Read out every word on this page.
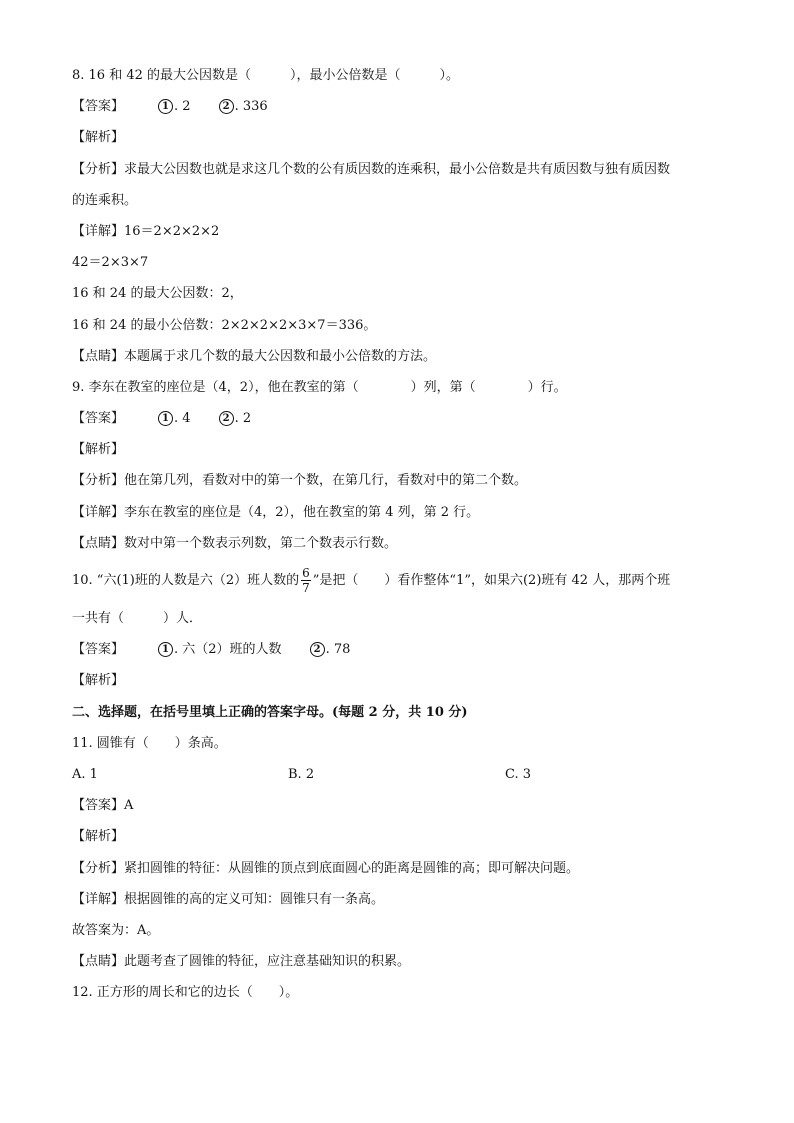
8. 16 和 42 的最大公因数是（　　　），最小公倍数是（　　　）。
【答案】	1 . 2	2 . 336
【解析】
【分析】求最大公因数也就是求这几个数的公有质因数的连乘积，最小公倍数是共有质因数与独有质因数
的连乘积。
【详解】16＝2×2×2×2
42＝2×3×7
16 和 24 的最大公因数：2，
16 和 24 的最小公倍数：2×2×2×2×3×7＝336。
【点睛】本题属于求几个数的最大公因数和最小公倍数的方法。
9. 李东在教室的座位是（4，2），他在教室的第（　　　　）列，第（　　　　）行。
【答案】	1 . 4	2 . 2
【解析】
【分析】他在第几列，看数对中的第一个数，在第几行，看数对中的第二个数。
【详解】李东在教室的座位是（4，2），他在教室的第 4 列，第 2 行。
【点睛】数对中第一个数表示列数，第二个数表示行数。
10. “六(1)班的人数是六（2）班人数的 $\frac{6}{7}$ ”是把（　　）看作整体“1”，如果六(2)班有 42 人，那两个班
一共有（　　　）人．
【答案】	1 . 六（2）班的人数	2 . 78
【解析】
二、选择题，在括号里填上正确的答案字母。(每题 2 分，共 10 分)
11. 圆锥有（　　）条高。
A. 1	B. 2	C. 3
【答案】A
【解析】
【分析】紧扣圆锥的特征：从圆锥的顶点到底面圆心的距离是圆锥的高；即可解决问题。
【详解】根据圆锥的高的定义可知：圆锥只有一条高。
故答案为：A。
【点睛】此题考查了圆锥的特征，应注意基础知识的积累。
12. 正方形的周长和它的边长（　　）。
